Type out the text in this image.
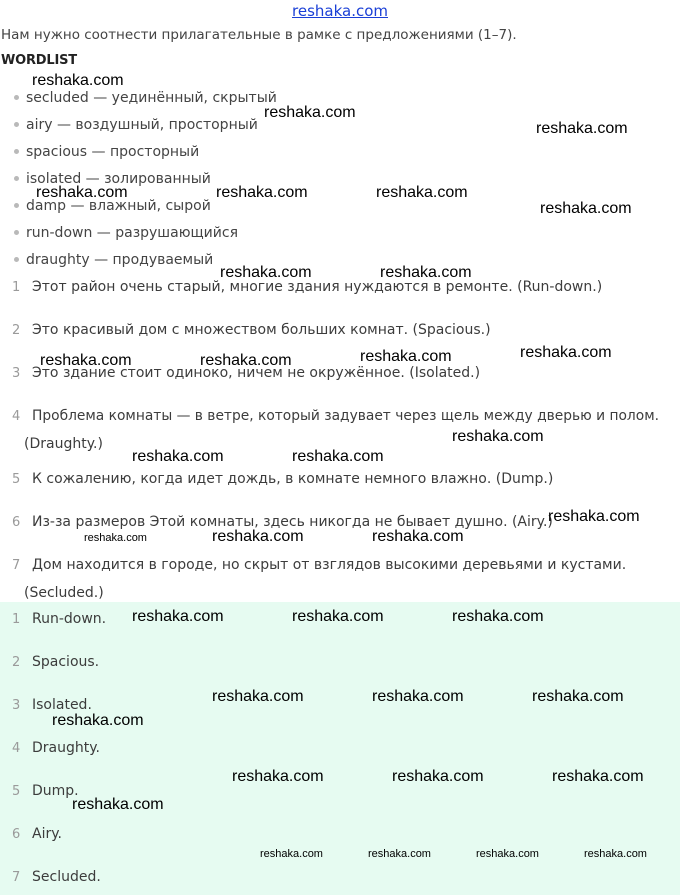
reshaka.com
Нам нужно соотнести прилагательные в рамке с предложениями (1–7).
WORDLIST
secluded — уединённый, скрытый
airy — воздушный, просторный
spacious — просторный
isolated — золированный
damp — влажный, сырой
run-down — разрушающийся
draughty — продуваемый
1 Этот район очень старый, многие здания нуждаются в ремонте. (Run-down.)
2 Это красивый дом с множеством больших комнат. (Spacious.)
3 Это здание стоит одиноко, ничем не окружённое. (Isolated.)
4 Проблема комнаты — в ветре, который задувает через щель между дверью и полом.
(Draughty.)
5 К сожалению, когда идет дождь, в комнате немного влажно. (Dump.)
6 Из-за размеров Этой комнаты, здесь никогда не бывает душно. (Airy.)
7 Дом находится в городе, но скрыт от взглядов высокими деревьями и кустами.
(Secluded.)
1 Run-down.
2 Spacious.
3 Isolated.
4 Draughty.
5 Dump.
6 Airy.
7 Secluded.
reshaka.com
reshaka.com
reshaka.com
reshaka.com	reshaka.com	reshaka.com
reshaka.com
reshaka.com	reshaka.com
reshaka.com	reshaka.com	reshaka.com	reshaka.com
reshaka.com
reshaka.com	reshaka.com
reshaka.com
reshaka.com	reshaka.com	reshaka.com
reshaka.com	reshaka.com	reshaka.com
reshaka.com	reshaka.com	reshaka.com
reshaka.com
reshaka.com	reshaka.com	reshaka.com
reshaka.com
reshaka.com	reshaka.com	reshaka.com	reshaka.com
